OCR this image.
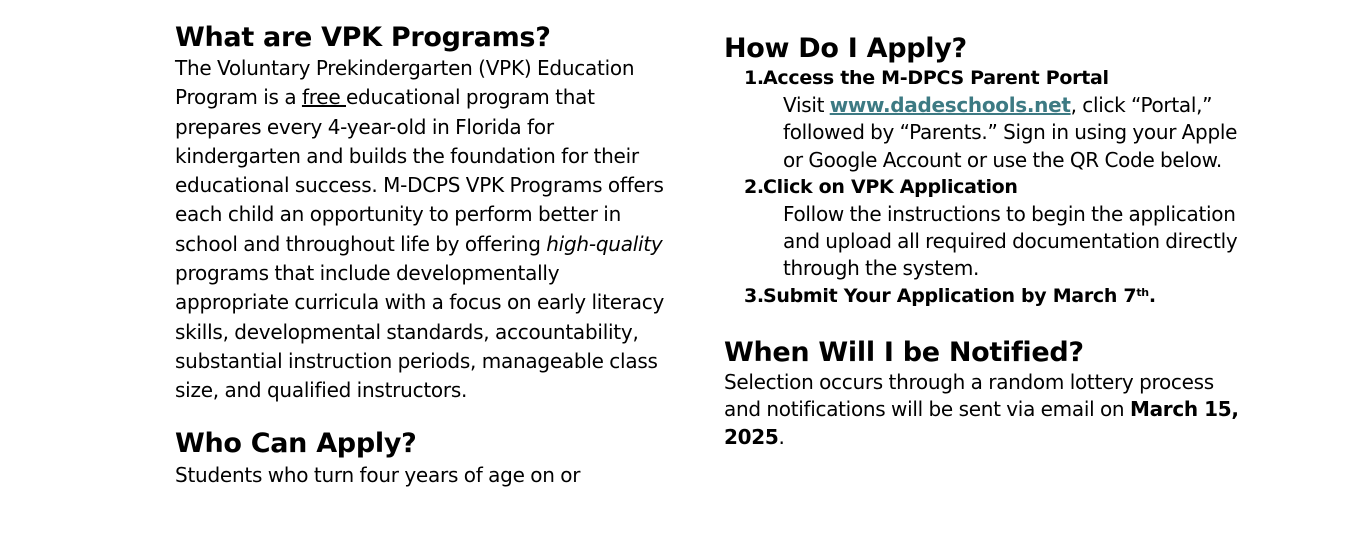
What are VPK Programs?

The Voluntary Prekindergarten (VPK) Education Program is a free educational program that prepares every 4-year-old in Florida for kindergarten and builds the foundation for their educational success. M-DCPS VPK Programs offers each child an opportunity to perform better in school and throughout life by offering high-quality programs that include developmentally appropriate curricula with a focus on early literacy skills, developmental standards, accountability, substantial instruction periods, manageable class size, and qualified instructors.

Who Can Apply?

Students who turn four years of age on or

How Do I Apply?
1. Access the M-DPCS Parent Portal

Visit www.dadeschools.net, click “Portal,” followed by “Parents.” Sign in using your Apple or Google Account or use the QR Code below.

2. Click on VPK Application

Follow the instructions to begin the application and upload all required documentation directly through the system.

3. Submit Your Application by March 7th.
When Will I be Notified?

Selection occurs through a random lottery process and notifications will be sent via email on March 15, 2025.
